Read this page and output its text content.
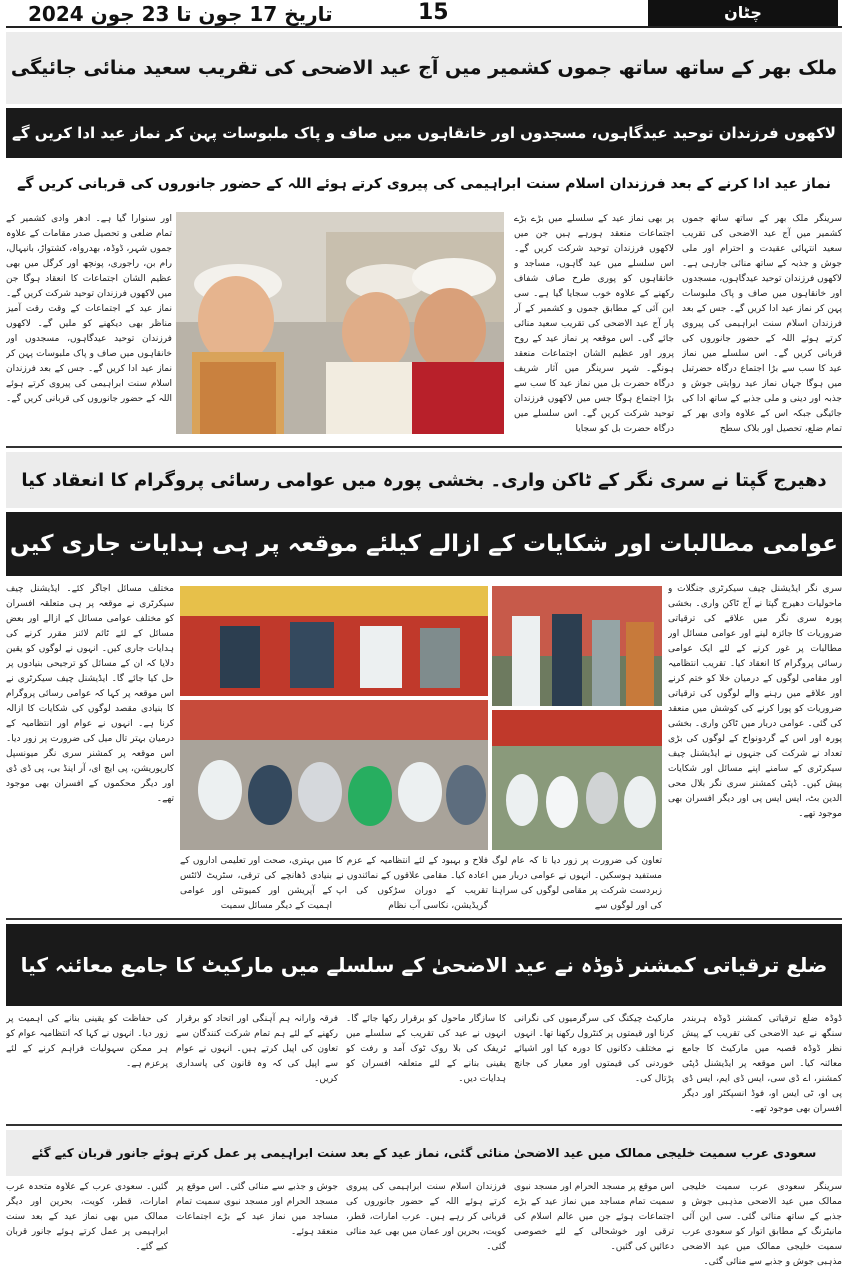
تاریخ 17 جون تا 23 جون 2024	15	چٹان
ملک بھر کے ساتھ ساتھ جموں کشمیر میں آج عید الاضحی کی تقریب سعید منائی جائیگی
لاکھوں فرزندان توحید عیدگاہوں، مسجدوں اور خانقاہوں میں صاف و پاک ملبوسات پہن کر نماز عید ادا کریں گے
نماز عید ادا کرنے کے بعد فرزندان اسلام سنت ابراہیمی کی پیروی کرتے ہوئے اللہ کے حضور جانوروں کی قربانی کریں گے
سرینگر ملک بھر کے ساتھ ساتھ جموں کشمیر میں آج عید الاضحی کی تقریب سعید انتہائی عقیدت و احترام اور ملی جوش و جذبہ کے ساتھ منائی جارہی ہے۔ لاکھوں فرزندان توحید عیدگاہوں، مسجدوں اور خانقاہوں میں صاف و پاک ملبوسات پہن کر نماز عید ادا کریں گے۔ جس کے بعد فرزندان اسلام سنت ابراہیمی کی پیروی کرتے ہوئے اللہ کے حضور جانوروں کی قربانی کریں گے۔ اس سلسلے میں نماز عید کا سب سے بڑا اجتماع درگاہ حضرتبل میں ہوگا جہاں نماز عید روایتی جوش و جذبہ اور دینی و ملی جذبے کے ساتھ ادا کی جائیگی جبکہ اس کے علاوہ وادی بھر کے تمام ضلع، تحصیل اور بلاک سطح
پر بھی نماز عید کے سلسلے میں بڑے بڑے اجتماعات منعقد ہورہے ہیں جن میں لاکھوں فرزندان توحید شرکت کریں گے۔ اس سلسلے میں عید گاہوں، مساجد و خانقاہوں کو پوری طرح صاف شفاف رکھنے کے علاوہ خوب سجایا گیا ہے۔ سی این آئی کے مطابق جموں و کشمیر کے آر پار آج عید الاضحی کی تقریب سعید منائی جائے گی۔ اس موقعہ پر نماز عید کے روح پرور اور عظیم الشان اجتماعات منعقد ہونگے۔ شہر سرینگر میں آثار شریف درگاہ حضرت بل میں نماز عید کا سب سے بڑا اجتماع ہوگا جس میں لاکھوں فرزندان توحید شرکت کریں گے۔ اس سلسلے میں درگاہ حضرت بل کو سجایا
اور سنوارا گیا ہے۔ ادھر وادی کشمیر کے تمام ضلعی و تحصیل صدر مقامات کے علاوہ جموں شہر، ڈوڈہ، بھدرواہ، کشتواڑ، بانیہال، رام بن، راجوری، پونچھ اور کرگل میں بھی عظیم الشان اجتماعات کا انعقاد ہوگا جن میں لاکھوں فرزندان توحید شرکت کریں گے۔ نماز عید کے اجتماعات کے وقت رقت آمیز مناظر بھی دیکھنے کو ملیں گے۔ لاکھوں فرزندان توحید عیدگاہوں، مسجدوں اور خانقاہوں میں صاف و پاک ملبوسات پہن کر نماز عید ادا کریں گے۔ جس کے بعد فرزندان اسلام سنت ابراہیمی کی پیروی کرتے ہوئے اللہ کے حضور جانوروں کی قربانی کریں گے۔
دھیرج گپتا نے سری نگر کے ٹاکن واری۔ بخشی پورہ میں عوامی رسائی پروگرام کا انعقاد کیا
عوامی مطالبات اور شکایات کے ازالے کیلئے موقعہ پر ہی ہدایات جاری کیں
سری نگر ایڈیشنل چیف سیکرٹری جنگلات و ماحولیات دھیرج گپتا نے آج ٹاکن واری۔ بخشی پورہ سری نگر میں علاقے کی ترقیاتی ضروریات کا جائزہ لینے اور عوامی مسائل اور مطالبات پر غور کرنے کے لئے ایک عوامی رسائی پروگرام کا انعقاد کیا۔ تقریب انتظامیہ اور مقامی لوگوں کے درمیان خلا کو ختم کرنے اور علاقے میں رہنے والے لوگوں کی ترقیاتی ضروریات کو پورا کرنے کی کوشش میں منعقد کی گئی۔ عوامی دربار میں ٹاکن واری۔ بخشی پورہ اور اس کے گردونواح کے لوگوں کی بڑی تعداد نے شرکت کی جنہوں نے ایڈیشنل چیف سیکرٹری کے سامنے اپنے مسائل اور شکایات پیش کیں۔ ڈپٹی کمشنر سری نگر بلال محی الدین بٹ، ایس ایس پی اور دیگر افسران بھی موجود تھے۔
مختلف مسائل اجاگر کئے۔ ایڈیشنل چیف سیکرٹری نے موقعہ پر ہی متعلقہ افسران کو مختلف عوامی مسائل کے ازالے اور بعض مسائل کے لئے ٹائم لائنز مقرر کرنے کی ہدایات جاری کیں۔ انہوں نے لوگوں کو یقین دلایا کہ ان کے مسائل کو ترجیحی بنیادوں پر حل کیا جائے گا۔ ایڈیشنل چیف سیکرٹری نے اس موقعہ پر کہا کہ عوامی رسائی پروگرام کا بنیادی مقصد لوگوں کی شکایات کا ازالہ کرنا ہے۔ انہوں نے عوام اور انتظامیہ کے درمیان بہتر تال میل کی ضرورت پر زور دیا۔ اس موقعہ پر کمشنر سری نگر میونسپل کارپوریشن، پی ایچ ای، آر اینڈ بی، پی ڈی ڈی اور دیگر محکموں کے افسران بھی موجود تھے۔
تعاون کی ضرورت پر زور دیا تا کہ عام لوگ مستفید ہوسکیں۔ انہوں نے عوامی دربار میں زبردست شرکت پر مقامی لوگوں کی سراہنا کی اور لوگوں سے
فلاح و بہبود کے لئے انتظامیہ کے عزم کا اعادہ کیا۔ مقامی علاقوں کے نمائندوں نے تقریب کے دوران سڑکوں کی اپ گریڈیشن، نکاسی آب نظام
میں بہتری، صحت اور تعلیمی اداروں کے بنیادی ڈھانچے کی ترقی، سٹریٹ لائٹس کے آپریشن اور کمیونٹی اور عوامی اہمیت کے دیگر مسائل سمیت
ضلع ترقیاتی کمشنر ڈوڈہ نے عید الاضحیٰ کے سلسلے میں مارکیٹ کا جامع معائنہ کیا
ڈوڈہ ضلع ترقیاتی کمشنر ڈوڈہ ہربندر سنگھ نے عید الاضحی کی تقریب کے پیش نظر ڈوڈہ قصبہ میں مارکیٹ کا جامع معائنہ کیا۔ اس موقعہ پر ایڈیشنل ڈپٹی کمشنر، اے ڈی سی، ایس ڈی ایم، ایس ڈی پی او، ٹی ایس او، فوڈ انسپکٹر اور دیگر افسران بھی موجود تھے۔
مارکیٹ چیکنگ کی سرگرمیوں کی نگرانی کرنا اور قیمتوں پر کنٹرول رکھنا تھا۔ انہوں نے مختلف دکانوں کا دورہ کیا اور اشیائے خوردنی کی قیمتوں اور معیار کی جانچ پڑتال کی۔
کا سازگار ماحول کو برقرار رکھا جائے گا۔ انہوں نے عید کی تقریب کے سلسلے میں ٹریفک کی بلا روک ٹوک آمد و رفت کو یقینی بنانے کے لئے متعلقہ افسران کو ہدایات دیں۔
فرقہ وارانہ ہم آہنگی اور اتحاد کو برقرار رکھنے کے لئے ہم تمام شرکت کنندگان سے تعاون کی اپیل کرتے ہیں۔ انہوں نے عوام سے اپیل کی کہ وہ قانون کی پاسداری کریں۔
کی حفاظت کو یقینی بنانے کی اہمیت پر زور دیا۔ انہوں نے کہا کہ انتظامیہ عوام کو ہر ممکن سہولیات فراہم کرنے کے لئے پرعزم ہے۔
سعودی عرب سمیت خلیجی ممالک میں عید الاضحیٰ منائی گئی، نماز عید کے بعد سنت ابراہیمی پر عمل کرتے ہوئے جانور قربان کیے گئے
سرینگر سعودی عرب سمیت خلیجی ممالک میں عید الاضحی مذہبی جوش و جذبے کے ساتھ منائی گئی۔ سی این آئی مانیٹرنگ کے مطابق اتوار کو سعودی عرب سمیت خلیجی ممالک میں عید الاضحی مذہبی جوش و جذبے سے منائی گئی۔
اس موقع پر مسجد الحرام اور مسجد نبوی سمیت تمام مساجد میں نماز عید کے بڑے اجتماعات ہوئے جن میں عالم اسلام کی ترقی اور خوشحالی کے لئے خصوصی دعائیں کی گئیں۔
فرزندان اسلام سنت ابراہیمی کی پیروی کرتے ہوئے اللہ کے حضور جانوروں کی قربانی کر رہے ہیں۔ عرب امارات، قطر، کویت، بحرین اور عمان میں بھی عید منائی گئی۔
جوش و جذبے سے منائی گئی۔ اس موقع پر مسجد الحرام اور مسجد نبوی سمیت تمام مساجد میں نماز عید کے بڑے اجتماعات منعقد ہوئے۔
گئیں۔ سعودی عرب کے علاوہ متحدہ عرب امارات، قطر، کویت، بحرین اور دیگر ممالک میں بھی نماز عید کے بعد سنت ابراہیمی پر عمل کرتے ہوئے جانور قربان کیے گئے۔
